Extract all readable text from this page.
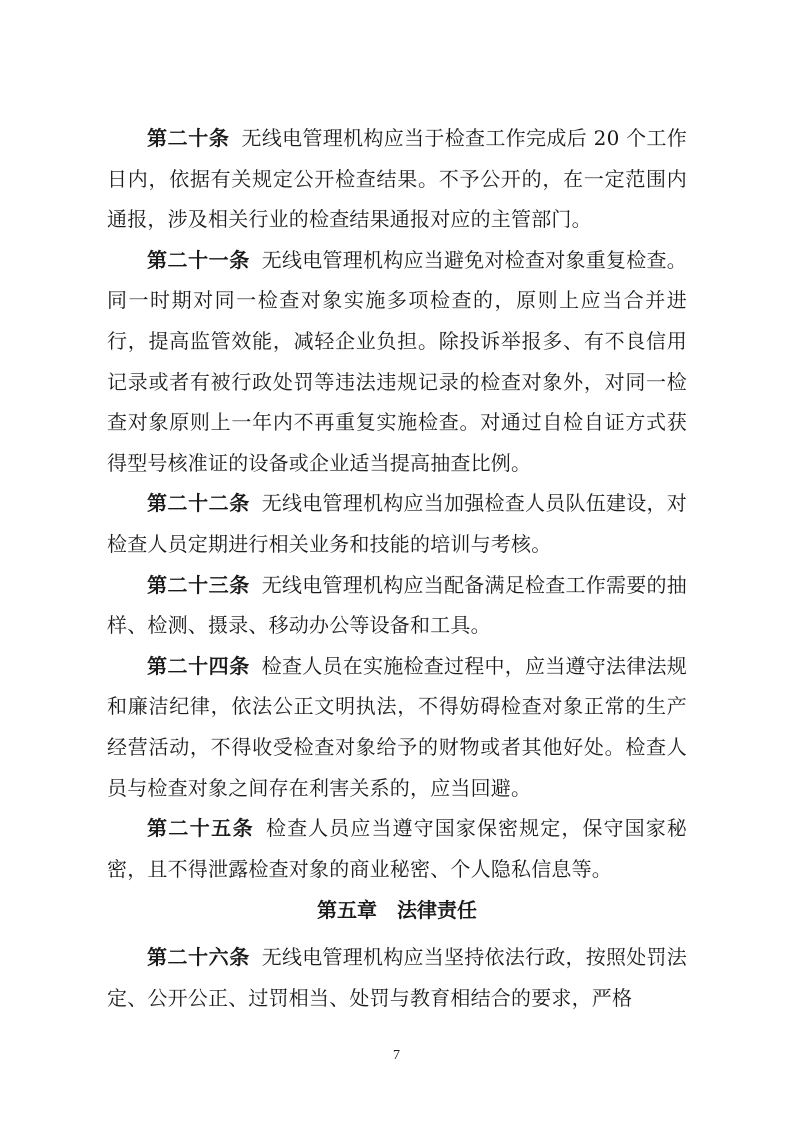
第二十条 无线电管理机构应当于检查工作完成后 20 个工作日内，依据有关规定公开检查结果。不予公开的，在一定范围内通报，涉及相关行业的检查结果通报对应的主管部门。

第二十一条 无线电管理机构应当避免对检查对象重复检查。同一时期对同一检查对象实施多项检查的，原则上应当合并进行，提高监管效能，减轻企业负担。除投诉举报多、有不良信用记录或者有被行政处罚等违法违规记录的检查对象外，对同一检查对象原则上一年内不再重复实施检查。对通过自检自证方式获得型号核准证的设备或企业适当提高抽查比例。

第二十二条 无线电管理机构应当加强检查人员队伍建设，对检查人员定期进行相关业务和技能的培训与考核。

第二十三条 无线电管理机构应当配备满足检查工作需要的抽样、检测、摄录、移动办公等设备和工具。

第二十四条 检查人员在实施检查过程中，应当遵守法律法规和廉洁纪律，依法公正文明执法，不得妨碍检查对象正常的生产经营活动，不得收受检查对象给予的财物或者其他好处。检查人员与检查对象之间存在利害关系的，应当回避。

第二十五条 检查人员应当遵守国家保密规定，保守国家秘密，且不得泄露检查对象的商业秘密、个人隐私信息等。

第五章　法律责任

第二十六条 无线电管理机构应当坚持依法行政，按照处罚法定、公开公正、过罚相当、处罚与教育相结合的要求，严格

7
